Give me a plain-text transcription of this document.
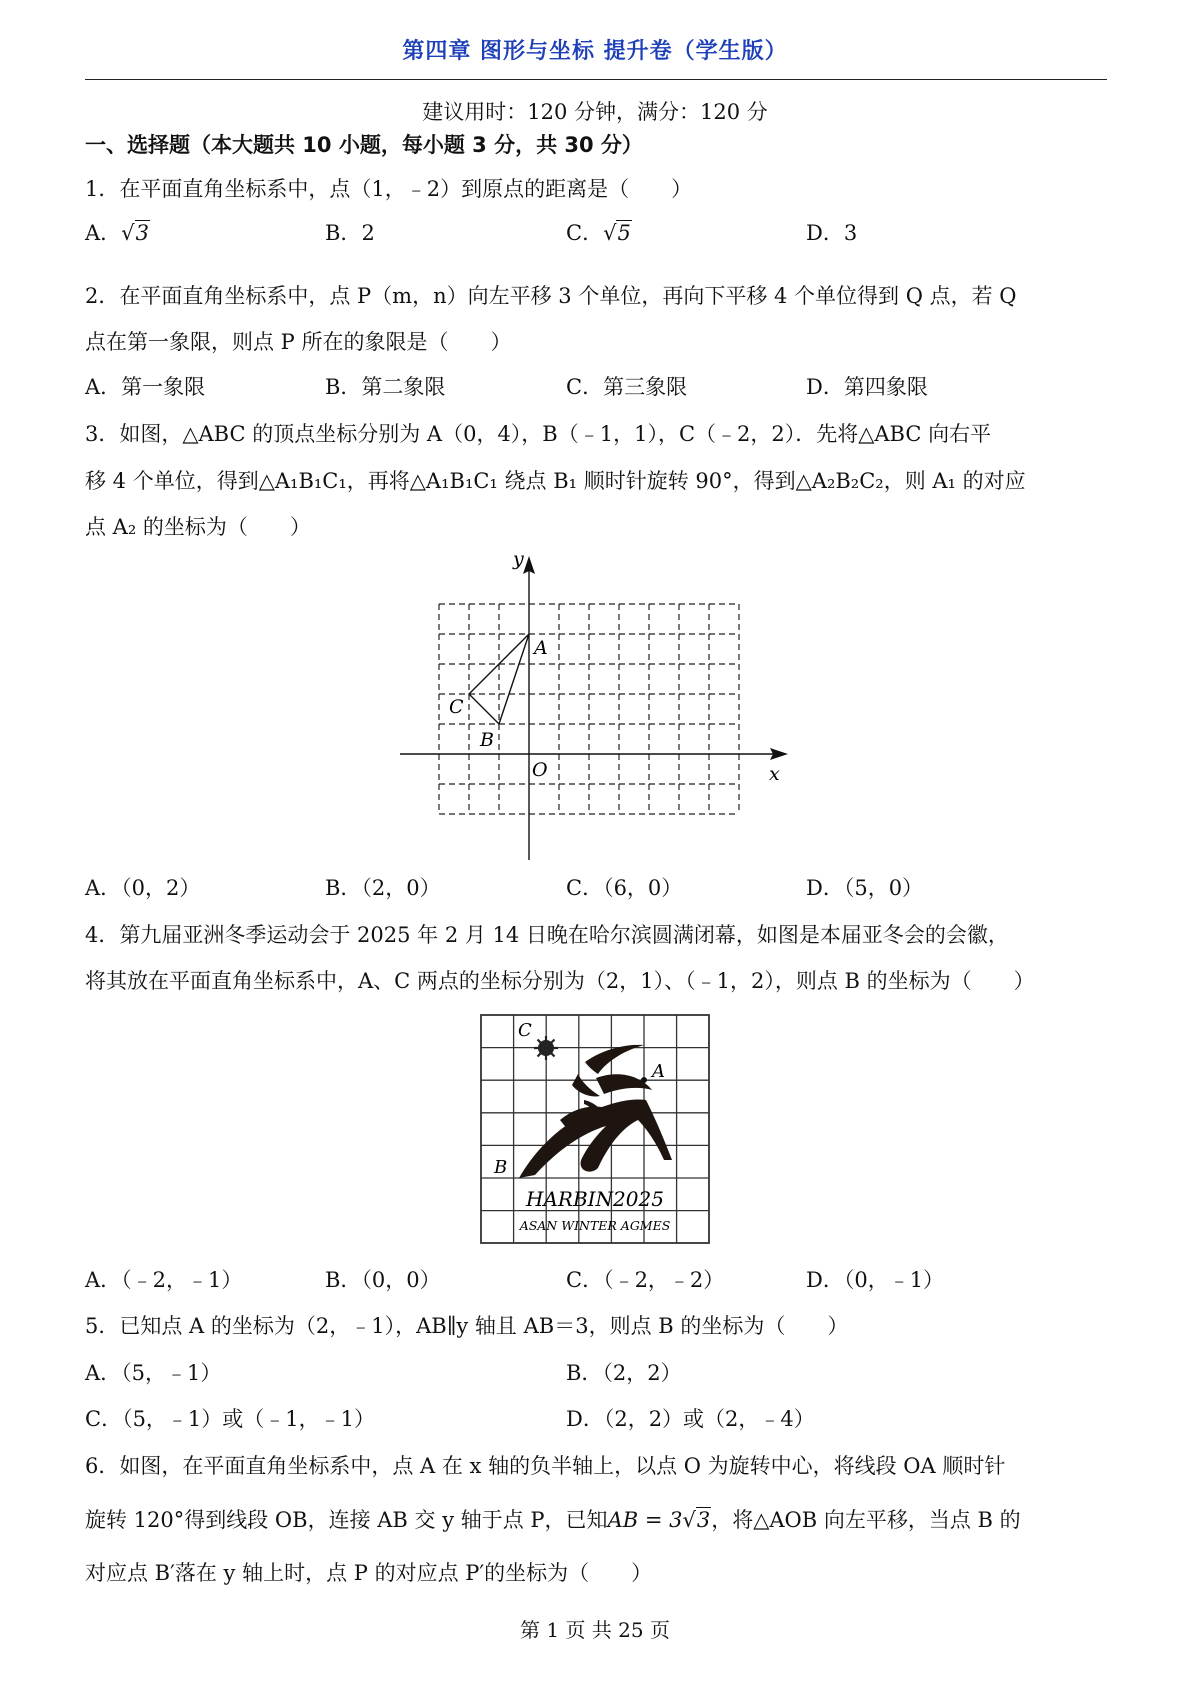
第四章 图形与坐标 提升卷（学生版）
建议用时：120 分钟，满分：120 分
一、选择题（本大题共 10 小题，每小题 3 分，共 30 分）
1．在平面直角坐标系中，点（1，﹣2）到原点的距离是（　　）
A．√3	B．2	C．√5	D．3
2．在平面直角坐标系中，点 P（m，n）向左平移 3 个单位，再向下平移 4 个单位得到 Q 点，若 Q
点在第一象限，则点 P 所在的象限是（　　）
A．第一象限	B．第二象限	C．第三象限	D．第四象限
3．如图，△ABC 的顶点坐标分别为 A（0，4），B（﹣1，1），C（﹣2，2）．先将△ABC 向右平
移 4 个单位，得到△A₁B₁C₁，再将△A₁B₁C₁ 绕点 B₁ 顺时针旋转 90°，得到△A₂B₂C₂，则 A₁ 的对应
点 A₂ 的坐标为（　　）
y
x
O
A
B
C
A．（0，2）	B．（2，0）	C．（6，0）	D．（5，0）
4．第九届亚洲冬季运动会于 2025 年 2 月 14 日晚在哈尔滨圆满闭幕，如图是本届亚冬会的会徽，
将其放在平面直角坐标系中，A、C 两点的坐标分别为（2，1）、（﹣1，2），则点 B 的坐标为（　　）
C
A
B
HARBIN2025
ASAN WINTER AGMES
A．（﹣2，﹣1）	B．（0，0）	C．（﹣2，﹣2）	D．（0，﹣1）
5．已知点 A 的坐标为（2，﹣1），AB∥y 轴且 AB＝3，则点 B 的坐标为（　　）
A．（5，﹣1）	B．（2，2）
C．（5，﹣1）或（﹣1，﹣1）	D．（2，2）或（2，﹣4）
6．如图，在平面直角坐标系中，点 A 在 x 轴的负半轴上，以点 O 为旋转中心，将线段 OA 顺时针
旋转 120°得到线段 OB，连接 AB 交 y 轴于点 P，已知AB = 3√3，将△AOB 向左平移，当点 B 的
对应点 B′落在 y 轴上时，点 P 的对应点 P′的坐标为（　　）
第 1 页 共 25 页
